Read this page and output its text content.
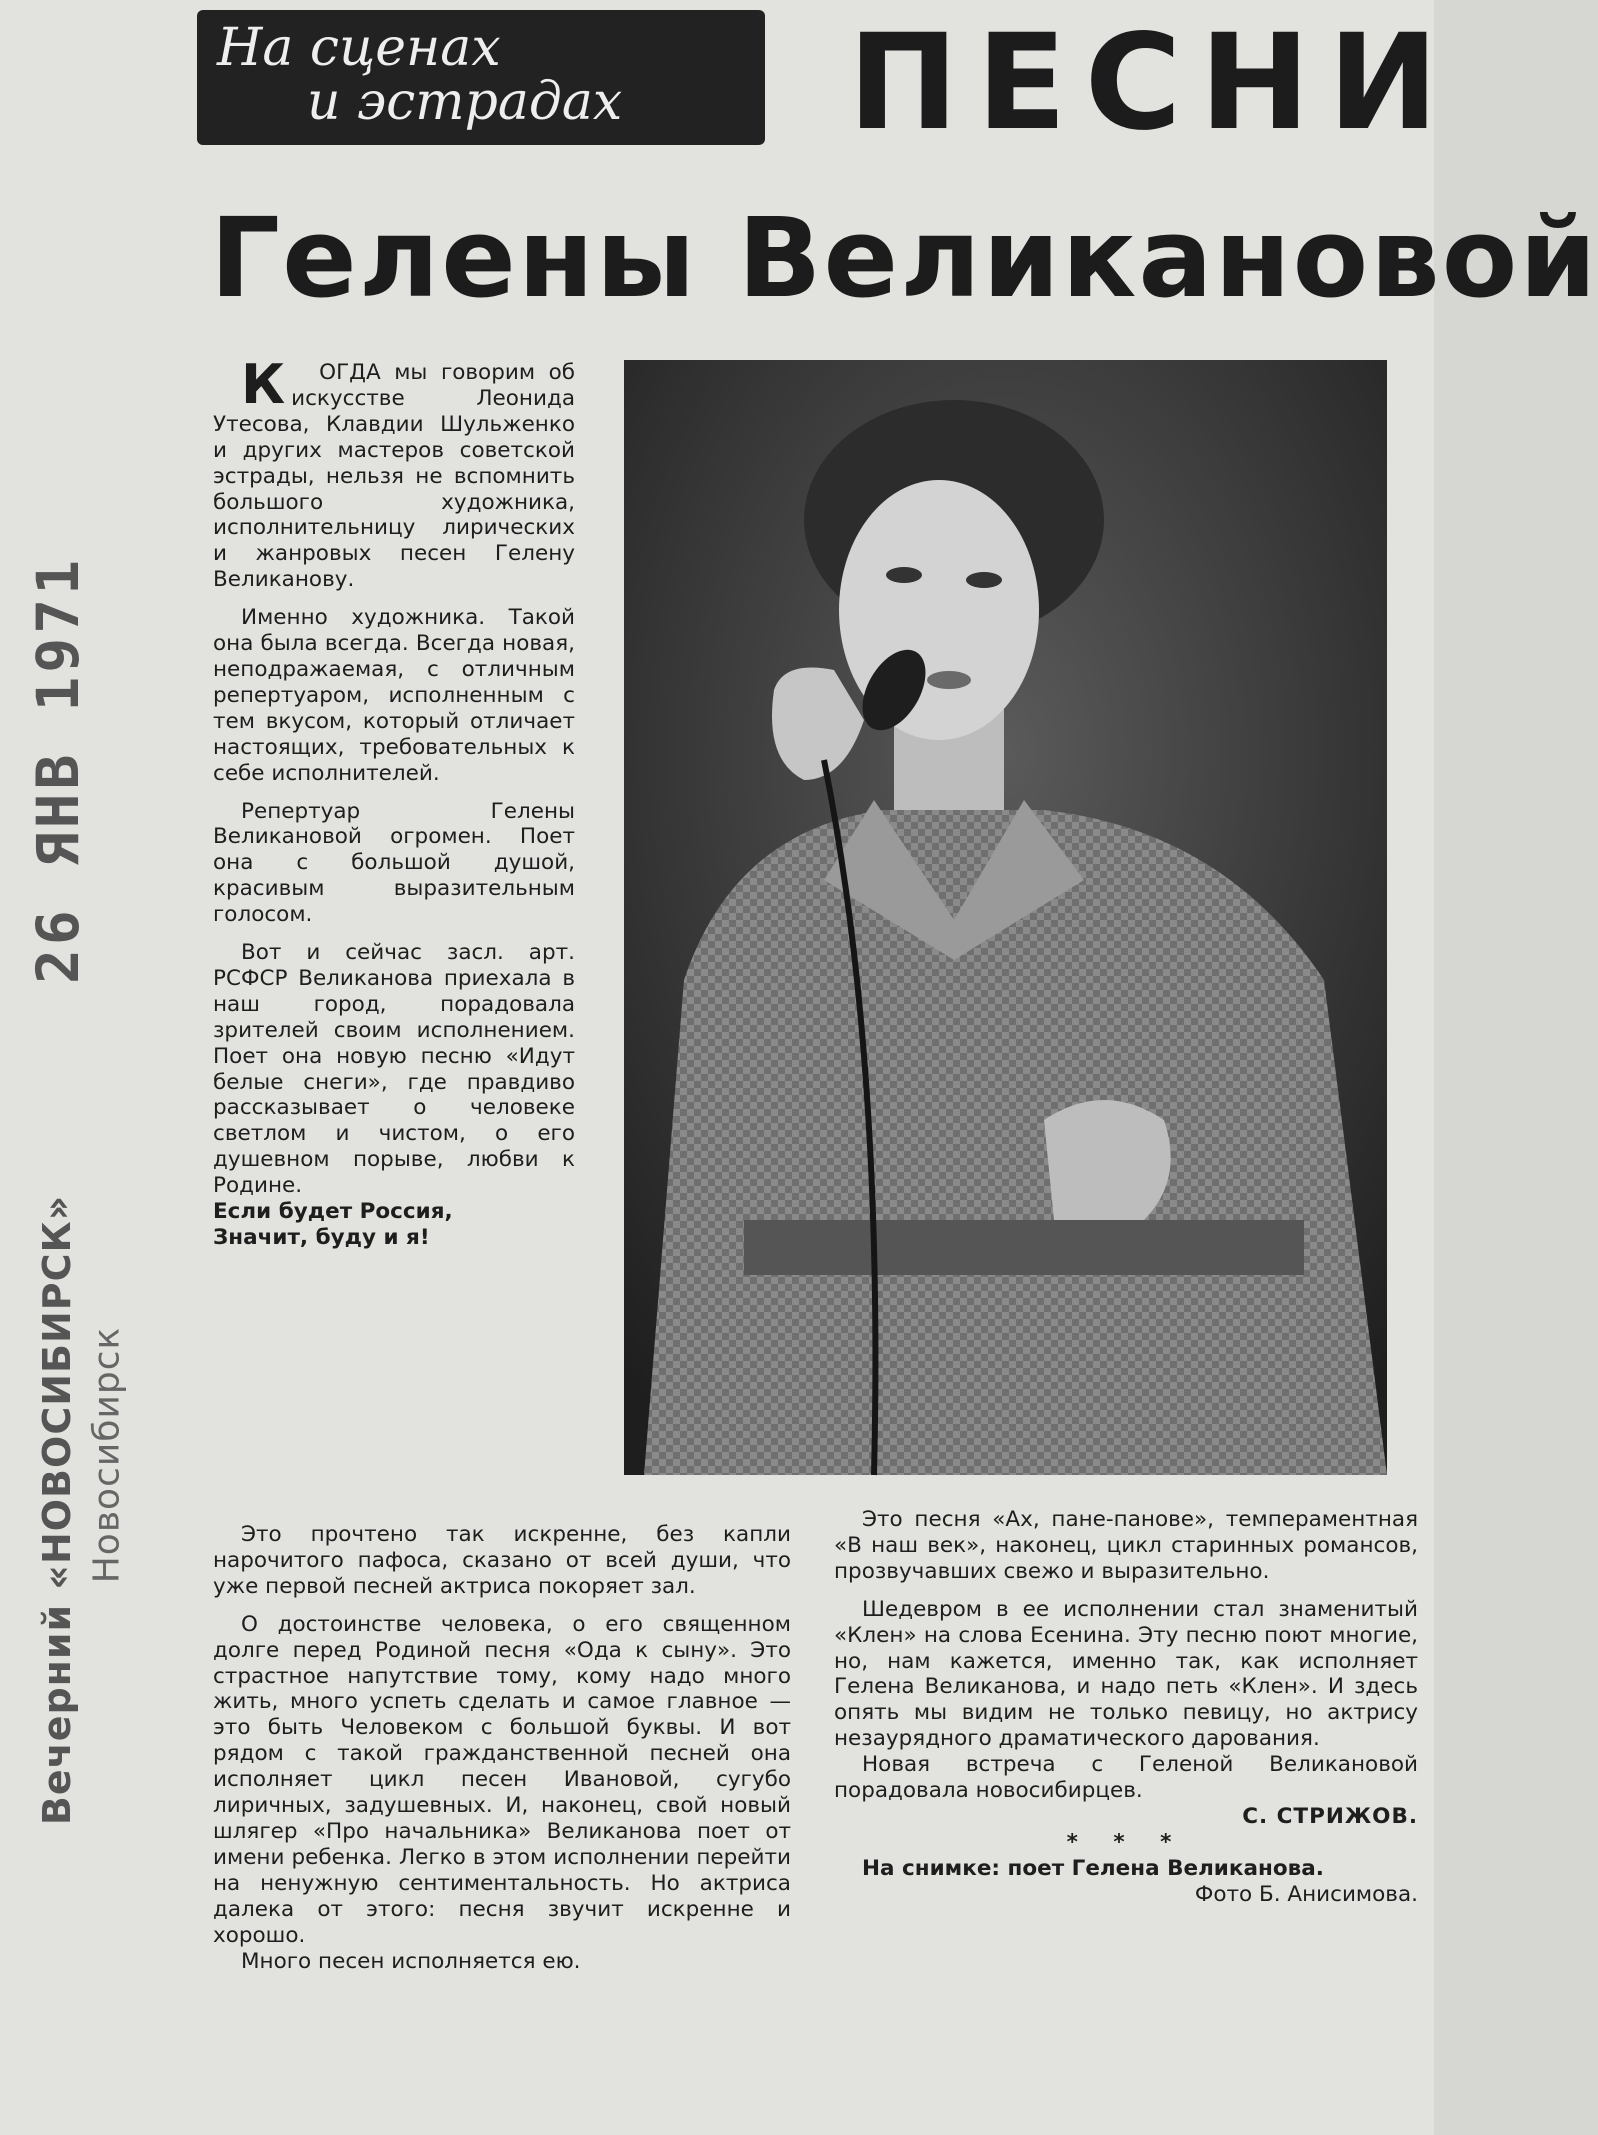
26 ЯНВ 1971
Вечерний «НОВОСИБИРСК» Новосибирск
На сценах
и эстрадах ПЕСНИ
Гелены Великановой

К ОГДА мы говорим об искусстве Леонида Утесова, Клавдии Шульженко и других мастеров советской эстрады, нельзя не вспомнить большого художника, исполнительницу лирических и жанровых песен Гелену Великанову.

Именно художника. Такой она была всегда. Всегда новая, неподражаемая, с отличным репертуаром, исполненным с тем вкусом, который отличает настоящих, требовательных к себе исполнителей.

Репертуар Гелены Великановой огромен. Поет она с большой душой, красивым выразительным голосом.

Вот и сейчас засл. арт. РСФСР Великанова приехала в наш город, порадовала зрителей своим исполнением. Поет она новую песню «Идут белые снеги», где правдиво рассказывает о человеке светлом и чистом, о его душевном порыве, любви к Родине.

Если будет Россия,

Значит, буду и я!

Это прочтено так искренне, без капли нарочитого пафоса, сказано от всей души, что уже первой песней актриса покоряет зал.

О достоинстве человека, о его священном долге перед Родиной песня «Ода к сыну». Это страстное напутствие тому, кому надо много жить, много успеть сделать и самое главное — это быть Человеком с большой буквы. И вот рядом с такой гражданственной песней она исполняет цикл песен Ивановой, сугубо лиричных, задушевных. И, наконец, свой новый шлягер «Про начальника» Великанова поет от имени ребенка. Легко в этом исполнении перейти на ненужную сентиментальность. Но актриса далека от этого: песня звучит искренне и хорошо.

Много песен исполняется ею.

Это песня «Ах, пане-панове», темпераментная «В наш век», наконец, цикл старинных романсов, прозвучавших свежо и выразительно.

Шедевром в ее исполнении стал знаменитый «Клен» на слова Есенина. Эту песню поют многие, но, нам кажется, именно так, как исполняет Гелена Великанова, и надо петь «Клен». И здесь опять мы видим не только певицу, но актрису незаурядного драматического дарования.

Новая встреча с Геленой Великановой порадовала новосибирцев.

С. СТРИЖОВ.

* * *

На снимке: поет Гелена Великанова.

Фото Б. Анисимова.
